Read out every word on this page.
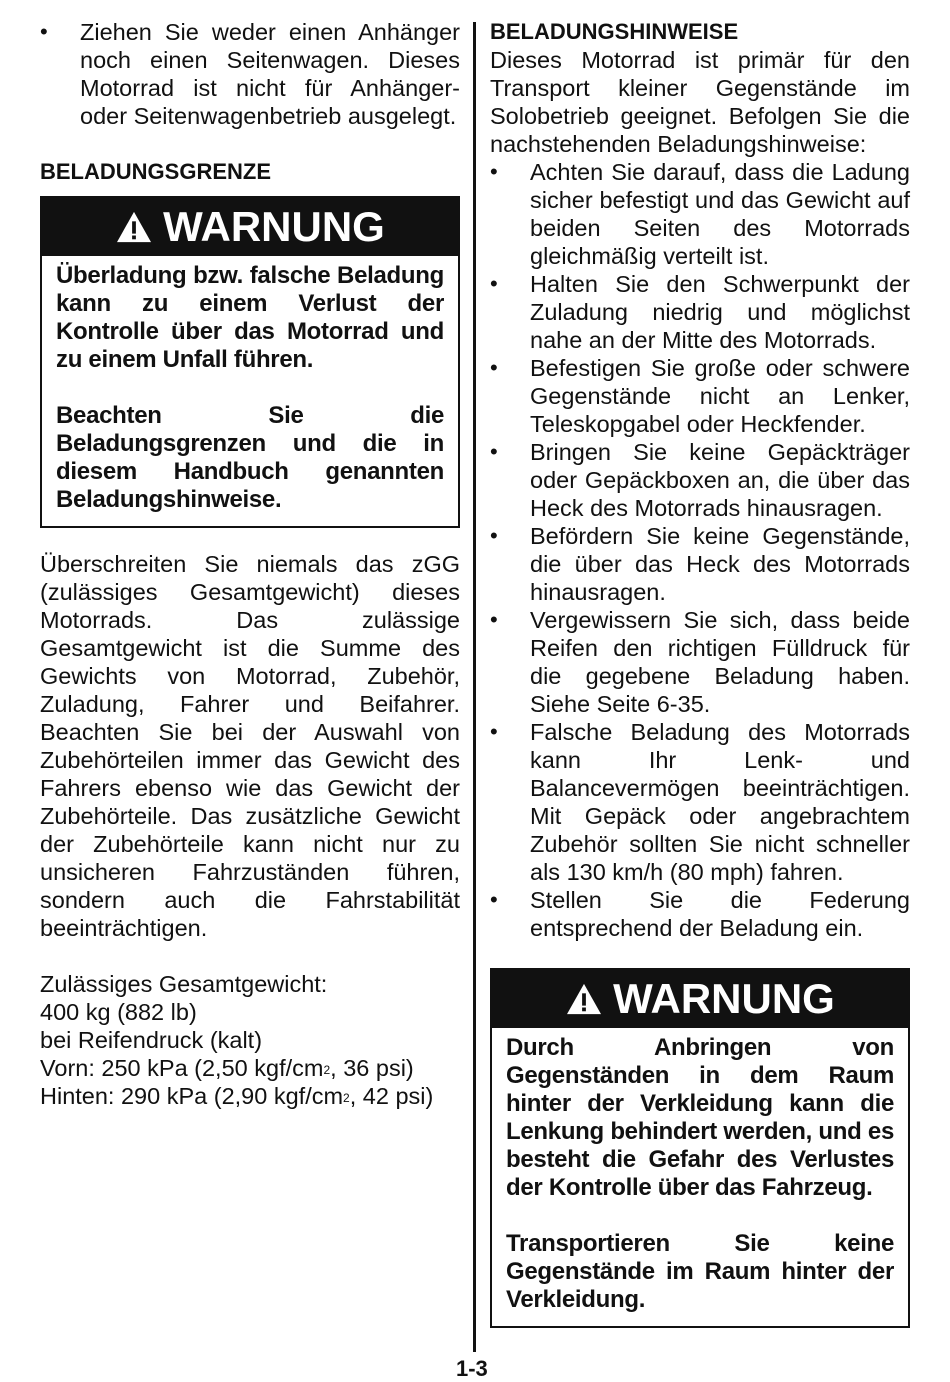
• Ziehen Sie weder einen Anhänger noch einen Seitenwagen. Dieses Motorrad ist nicht für Anhänger- oder Seitenwagenbetrieb ausgelegt.
BELADUNGSGRENZE
WARNUNG

Überladung bzw. falsche Beladung kann zu einem Verlust der Kontrolle über das Motorrad und zu einem Unfall führen.

Beachten Sie die Beladungsgrenzen und die in diesem Handbuch genannten Beladungshinweise.

Überschreiten Sie niemals das zGG (zulässiges Gesamtgewicht) dieses Motorrads. Das zulässige Gesamtgewicht ist die Summe des Gewichts von Motorrad, Zubehör, Zuladung, Fahrer und Beifahrer. Beachten Sie bei der Auswahl von Zubehörteilen immer das Gewicht des Fahrers ebenso wie das Gewicht der Zubehörteile. Das zusätzliche Gewicht der Zubehörteile kann nicht nur zu unsicheren Fahrzuständen führen, sondern auch die Fahrstabilität beeinträchtigen.

Zulässiges Gesamtgewicht:

400 kg (882 lb)

bei Reifendruck (kalt)

Vorn: 250 kPa (2,50 kgf/$cm^2$, 36 psi)

Hinten: 290 kPa (2,90 kgf/$cm^2$, 42 psi)

BELADUNGSHINWEISE

Dieses Motorrad ist primär für den Transport kleiner Gegenstände im Solobetrieb geeignet. Befolgen Sie die nachstehenden Beladungshinweise:

• Achten Sie darauf, dass die Ladung sicher befestigt und das Gewicht auf beiden Seiten des Motorrads gleichmäßig verteilt ist.
• Halten Sie den Schwerpunkt der Zuladung niedrig und möglichst nahe an der Mitte des Motorrads.
• Befestigen Sie große oder schwere Gegenstände nicht an Lenker, Teleskopgabel oder Heckfender.
• Bringen Sie keine Gepäckträger oder Gepäckboxen an, die über das Heck des Motorrads hinausragen.
• Befördern Sie keine Gegenstände, die über das Heck des Motorrads hinausragen.
• Vergewissern Sie sich, dass beide Reifen den richtigen Fülldruck für die gegebene Beladung haben. Siehe Seite 6-35.
• Falsche Beladung des Motorrads kann Ihr Lenk- und Balancevermögen beeinträchtigen. Mit Gepäck oder angebrachtem Zubehör sollten Sie nicht schneller als 130 km/h (80 mph) fahren.
• Stellen Sie die Federung entsprechend der Beladung ein.
WARNUNG

Durch Anbringen von Gegenständen in dem Raum hinter der Verkleidung kann die Lenkung behindert werden, und es besteht die Gefahr des Verlustes der Kontrolle über das Fahrzeug.

Transportieren Sie keine Gegenstände im Raum hinter der Verkleidung.

1-3
